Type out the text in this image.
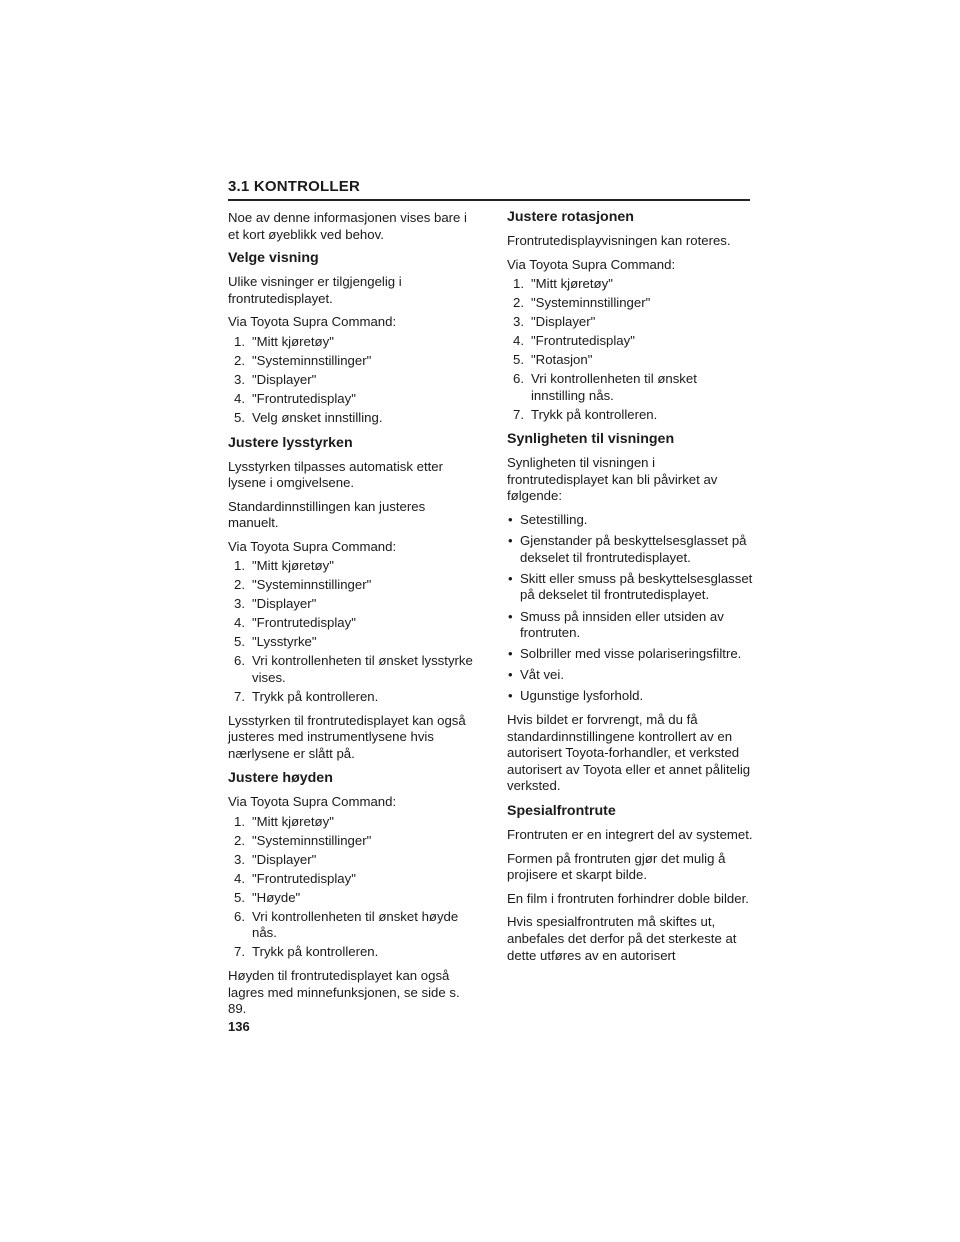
3.1 KONTROLLER

Noe av denne informasjonen vises bare i et kort øyeblikk ved behov.

Velge visning

Ulike visninger er tilgjengelig i frontrutedisplayet.

Via Toyota Supra Command:

1. "Mitt kjøretøy"
2. "Systeminnstillinger"
3. "Displayer"
4. "Frontrutedisplay"
5. Velg ønsket innstilling.
Justere lysstyrken

Lysstyrken tilpasses automatisk etter lysene i omgivelsene.

Standardinnstillingen kan justeres manuelt.

Via Toyota Supra Command:

1. "Mitt kjøretøy"
2. "Systeminnstillinger"
3. "Displayer"
4. "Frontrutedisplay"
5. "Lysstyrke"
6. Vri kontrollenheten til ønsket lysstyrke vises.
7. Trykk på kontrolleren.

Lysstyrken til frontrutedisplayet kan også justeres med instrumentlysene hvis nærlysene er slått på.

Justere høyden

Via Toyota Supra Command:

1. "Mitt kjøretøy"
2. "Systeminnstillinger"
3. "Displayer"
4. "Frontrutedisplay"
5. "Høyde"
6. Vri kontrollenheten til ønsket høyde nås.
7. Trykk på kontrolleren.

Høyden til frontrutedisplayet kan også lagres med minnefunksjonen, se side s. 89.

Justere rotasjonen

Frontrutedisplayvisningen kan roteres.

Via Toyota Supra Command:

1. "Mitt kjøretøy"
2. "Systeminnstillinger"
3. "Displayer"
4. "Frontrutedisplay"
5. "Rotasjon"
6. Vri kontrollenheten til ønsket innstilling nås.
7. Trykk på kontrolleren.
Synligheten til visningen

Synligheten til visningen i frontrutedisplayet kan bli påvirket av følgende:

• Setestilling.
• Gjenstander på beskyttelsesglasset på dekselet til frontrutedisplayet.
• Skitt eller smuss på beskyttelsesglasset på dekselet til frontrutedisplayet.
• Smuss på innsiden eller utsiden av frontruten.
• Solbriller med visse polariseringsfiltre.
• Våt vei.
• Ugunstige lysforhold.

Hvis bildet er forvrengt, må du få standardinnstillingene kontrollert av en autorisert Toyota-forhandler, et verksted autorisert av Toyota eller et annet pålitelig verksted.

Spesialfrontrute

Frontruten er en integrert del av systemet.

Formen på frontruten gjør det mulig å projisere et skarpt bilde.

En film i frontruten forhindrer doble bilder.

Hvis spesialfrontruten må skiftes ut, anbefales det derfor på det sterkeste at dette utføres av en autorisert

136
